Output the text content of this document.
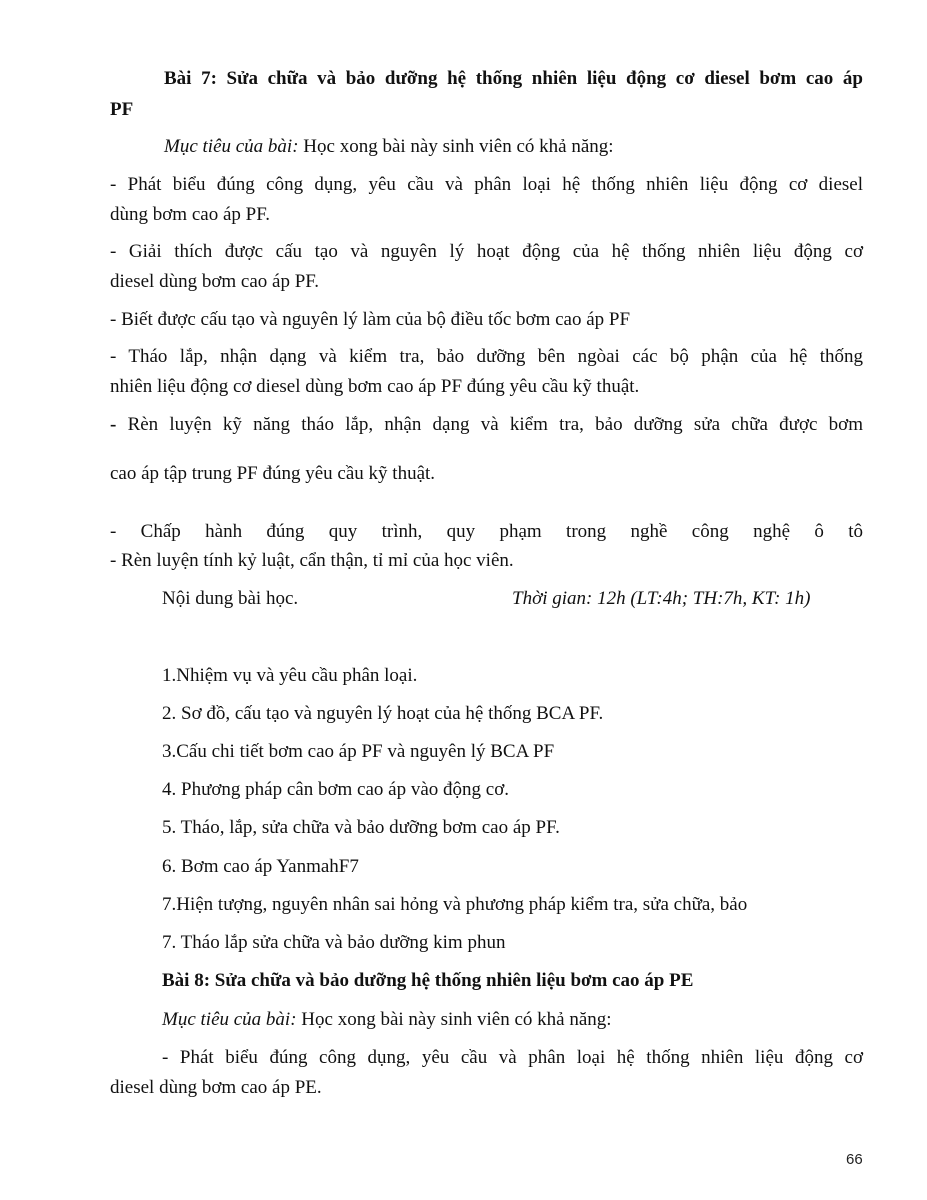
Bài 7: Sửa chữa và bảo dưỡng hệ thống nhiên liệu động cơ diesel bơm cao áp
PF
Mục tiêu của bài: Học xong bài này sinh viên có khả năng:
- Phát biểu đúng công dụng, yêu cầu và phân loại hệ thống nhiên liệu động cơ diesel
dùng bơm cao áp PF.
- Giải thích được cấu tạo và nguyên lý hoạt động của hệ thống nhiên liệu động cơ
diesel dùng bơm cao áp PF.
- Biết được cấu tạo và nguyên lý làm của bộ điều tốc bơm cao áp PF
- Tháo lắp, nhận dạng và kiểm tra, bảo dưỡng bên ngòai các bộ phận của hệ thống
nhiên liệu động cơ diesel dùng bơm cao áp PF đúng yêu cầu kỹ thuật.
- Rèn luyện kỹ năng tháo lắp, nhận dạng và kiểm tra, bảo dưỡng sửa chữa được bơm
cao áp tập trung PF đúng yêu cầu kỹ thuật.
- Chấp hành đúng quy trình, quy phạm trong nghề công nghệ ô tô
- Rèn luyện tính kỷ luật, cẩn thận, tỉ mỉ của học viên.
Nội dung bài học.	Thời gian: 12h (LT:4h; TH:7h, KT: 1h)
1.Nhiệm vụ và yêu cầu phân loại.
2. Sơ đồ, cấu tạo và nguyên lý hoạt của hệ thống BCA PF.
3.Cấu chi tiết bơm cao áp PF và nguyên lý BCA PF
4. Phương pháp cân bơm cao áp vào động cơ.
5. Tháo, lắp, sửa chữa và bảo dưỡng bơm cao áp PF.
6. Bơm cao áp YanmahF7
7.Hiện tượng, nguyên nhân sai hỏng và phương pháp kiểm tra, sửa chữa, bảo
7. Tháo lắp sửa chữa và bảo dưỡng kim phun
Bài 8: Sửa chữa và bảo dưỡng hệ thống nhiên liệu bơm cao áp PE
Mục tiêu của bài: Học xong bài này sinh viên có khả năng:
- Phát biểu đúng công dụng, yêu cầu và phân loại hệ thống nhiên liệu động cơ
diesel dùng bơm cao áp PE.
66
